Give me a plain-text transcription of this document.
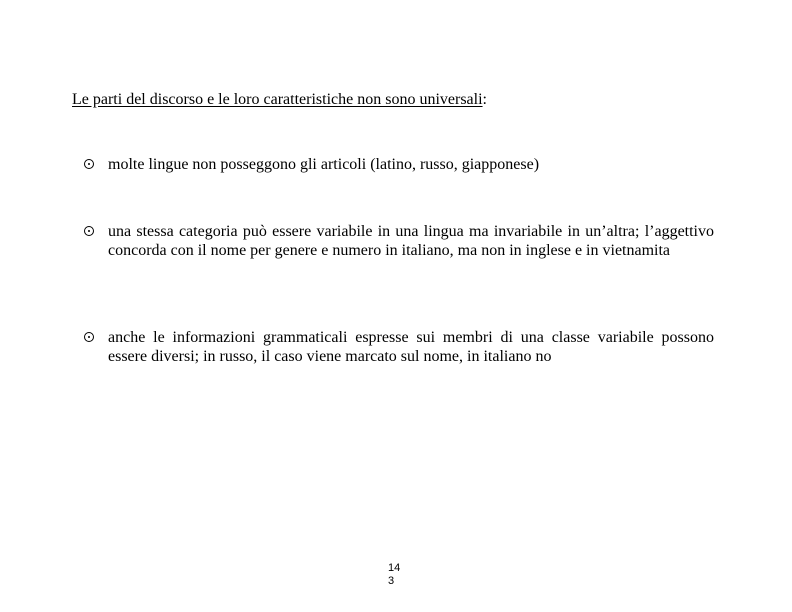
Le parti del discorso e le loro caratteristiche non sono universali:
molte lingue non posseggono gli articoli (latino, russo, giapponese)
una stessa categoria può essere variabile in una lingua ma invariabile in un’altra; l’aggettivo concorda con il nome per genere e numero in italiano, ma non in inglese e in vietnamita
anche le informazioni grammaticali espresse sui membri di una classe variabile possono essere diversi; in russo, il caso viene marcato sul nome, in italiano no
14
3
